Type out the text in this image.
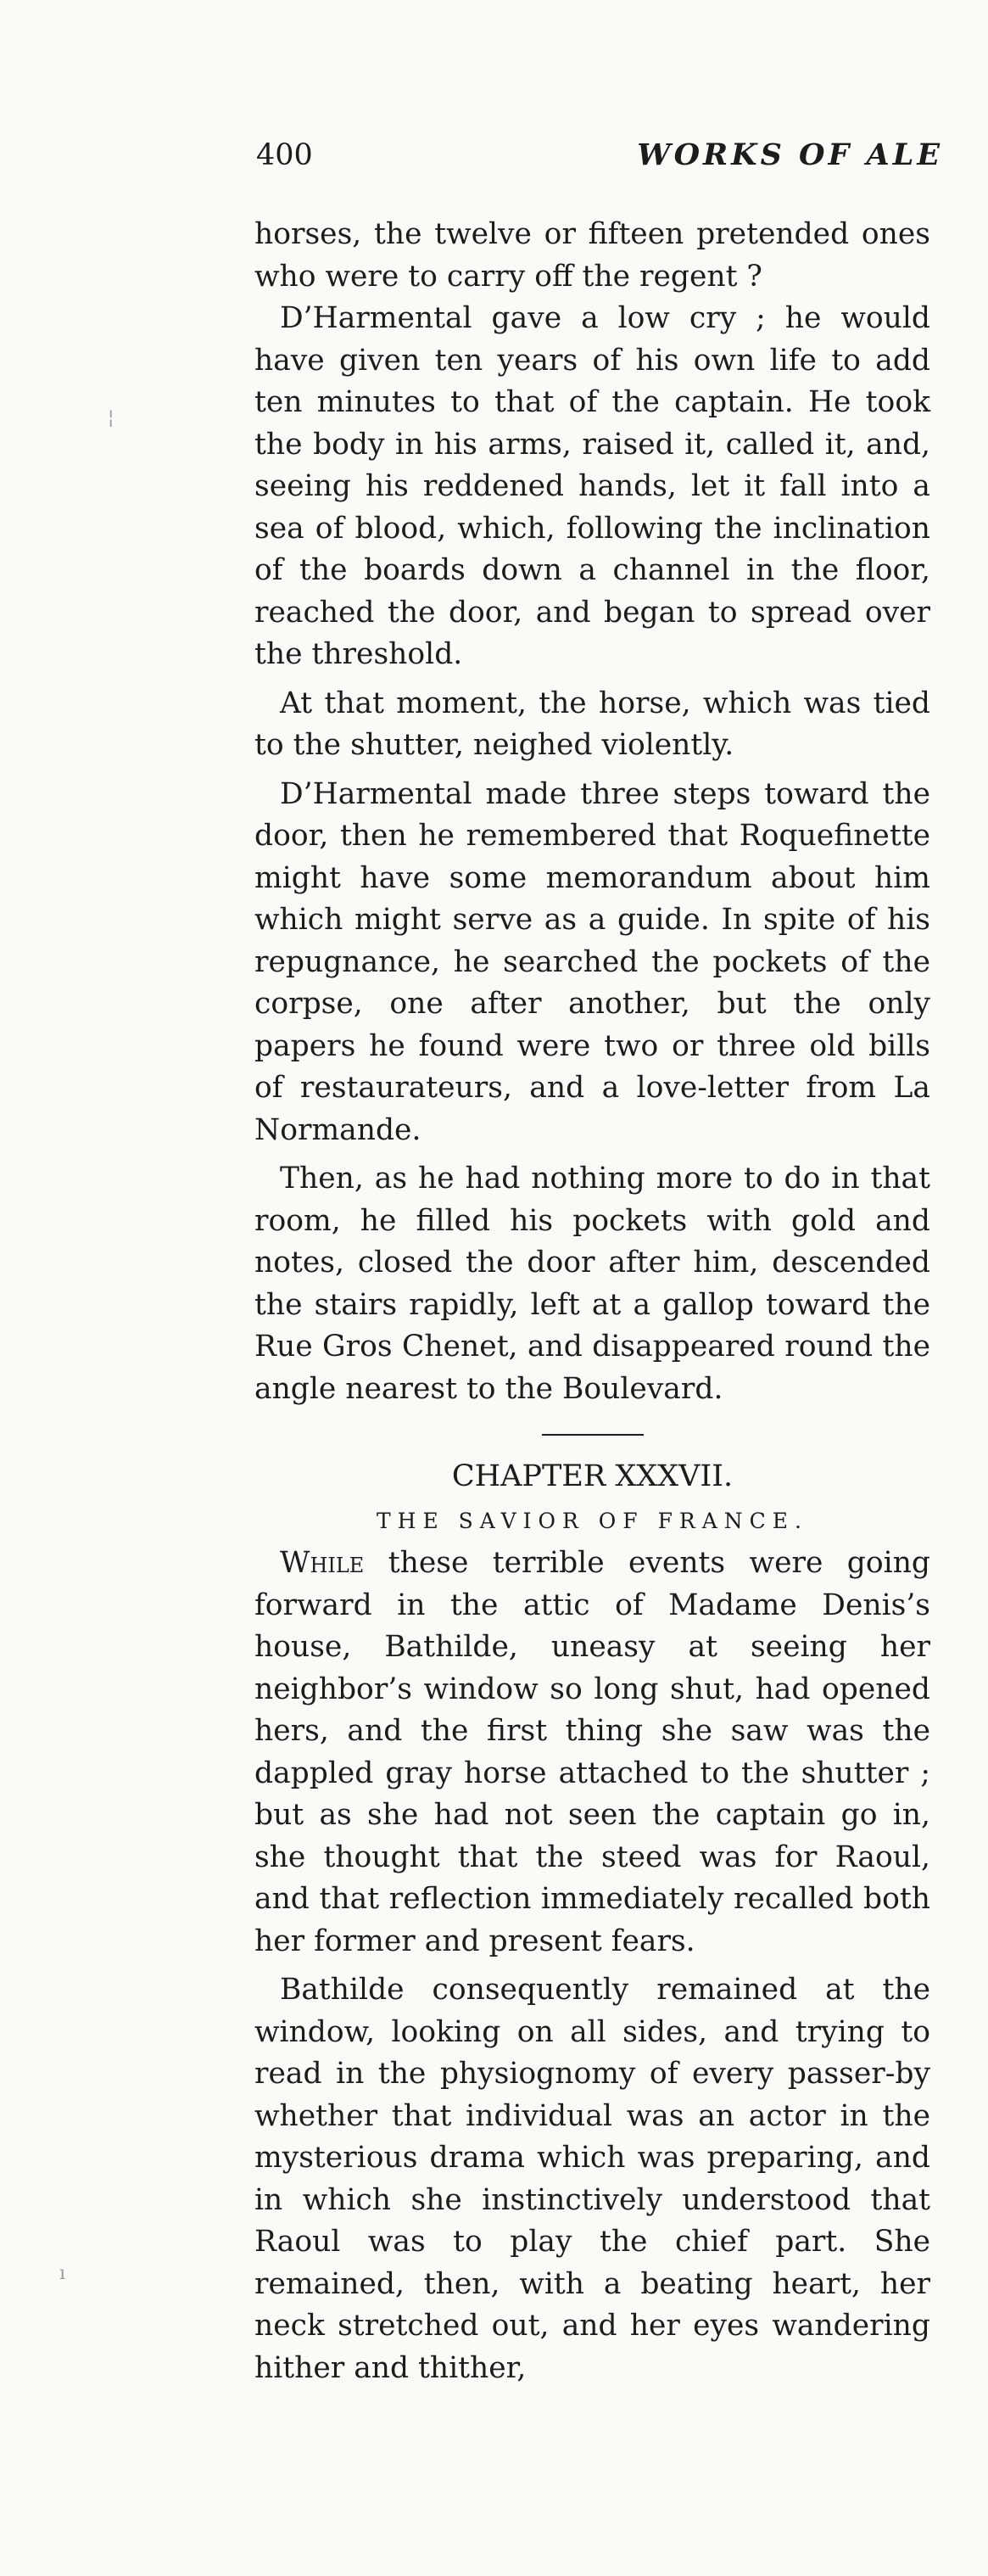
400	WORKS OF ALE
¦
ı

horses, the twelve or fifteen pretended ones who were to carry off the regent ?

D’Harmental gave a low cry ; he would have given ten years of his own life to add ten minutes to that of the captain. He took the body in his arms, raised it, called it, and, seeing his reddened hands, let it fall into a sea of blood, which, following the inclination of the boards down a channel in the floor, reached the door, and began to spread over the threshold.

At that moment, the horse, which was tied to the shutter, neighed violently.

D’Harmental made three steps toward the door, then he remembered that Roquefinette might have some memorandum about him which might serve as a guide. In spite of his repugnance, he searched the pockets of the corpse, one after another, but the only papers he found were two or three old bills of restaurateurs, and a love-letter from La Normande.

Then, as he had nothing more to do in that room, he filled his pockets with gold and notes, closed the door after him, descended the stairs rapidly, left at a gallop toward the Rue Gros Chenet, and disappeared round the angle nearest to the Boulevard.

CHAPTER XXXVII.
THE SAVIOR OF FRANCE.

While these terrible events were going forward in the attic of Madame Denis’s house, Bathilde, uneasy at seeing her neighbor’s window so long shut, had opened hers, and the first thing she saw was the dappled gray horse attached to the shutter ; but as she had not seen the captain go in, she thought that the steed was for Raoul, and that reflection immediately recalled both her former and present fears.

Bathilde consequently remained at the window, looking on all sides, and trying to read in the physiognomy of every passer-by whether that individual was an actor in the mysterious drama which was preparing, and in which she instinctively understood that Raoul was to play the chief part. She remained, then, with a beating heart, her neck stretched out, and her eyes wandering hither and thither,
